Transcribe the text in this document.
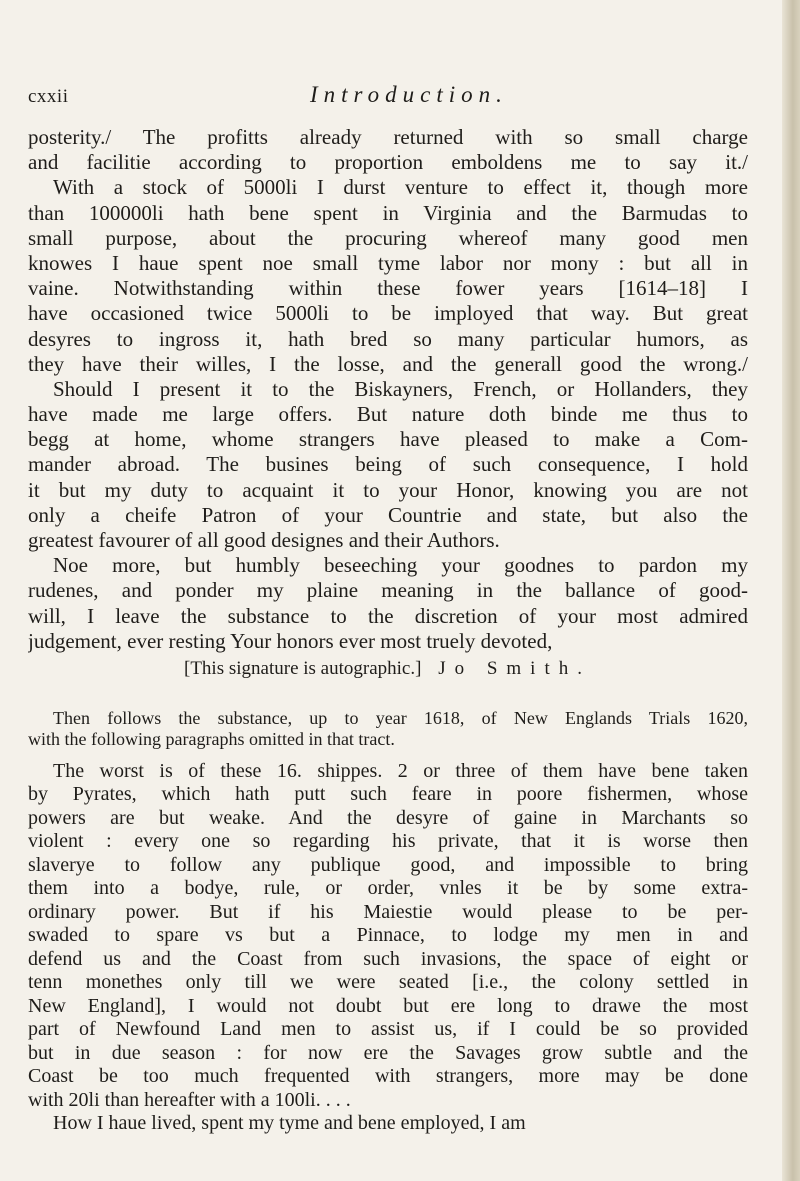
cxxii	Introduction.
posterity./ The profitts already returned with so small charge
and facilitie according to proportion emboldens me to say it./
With a stock of 5000li I durst venture to effect it, though more
than 100000li hath bene spent in Virginia and the Barmudas to
small purpose, about the procuring whereof many good men
knowes I haue spent noe small tyme labor nor mony : but all in
vaine. Notwithstanding within these fower years [1614–18] I
have occasioned twice 5000li to be imployed that way. But great
desyres to ingross it, hath bred so many particular humors, as
they have their willes, I the losse, and the generall good the wrong./
Should I present it to the Biskayners, French, or Hollanders, they
have made me large offers. But nature doth binde me thus to
begg at home, whome strangers have pleased to make a Com-
mander abroad. The busines being of such consequence, I hold
it but my duty to acquaint it to your Honor, knowing you are not
only a cheife Patron of your Countrie and state, but also the
greatest favourer of all good designes and their Authors.
Noe more, but humbly beseeching your goodnes to pardon my
rudenes, and ponder my plaine meaning in the ballance of good-
will, I leave the substance to the discretion of your most admired
judgement, ever resting Your honors ever most truely devoted,
[This signature is autographic.] Jo Smith.
Then follows the substance, up to year 1618, of New Englands Trials 1620,
with the following paragraphs omitted in that tract.
The worst is of these 16. shippes. 2 or three of them have bene taken
by Pyrates, which hath putt such feare in poore fishermen, whose
powers are but weake. And the desyre of gaine in Marchants so
violent : every one so regarding his private, that it is worse then
slaverye to follow any publique good, and impossible to bring
them into a bodye, rule, or order, vnles it be by some extra-
ordinary power. But if his Maiestie would please to be per-
swaded to spare vs but a Pinnace, to lodge my men in and
defend us and the Coast from such invasions, the space of eight or
tenn monethes only till we were seated [i.e., the colony settled in
New England], I would not doubt but ere long to drawe the most
part of Newfound Land men to assist us, if I could be so provided
but in due season : for now ere the Savages grow subtle and the
Coast be too much frequented with strangers, more may be done
with 20li than hereafter with a 100li. . . .
How I haue lived, spent my tyme and bene employed, I am
